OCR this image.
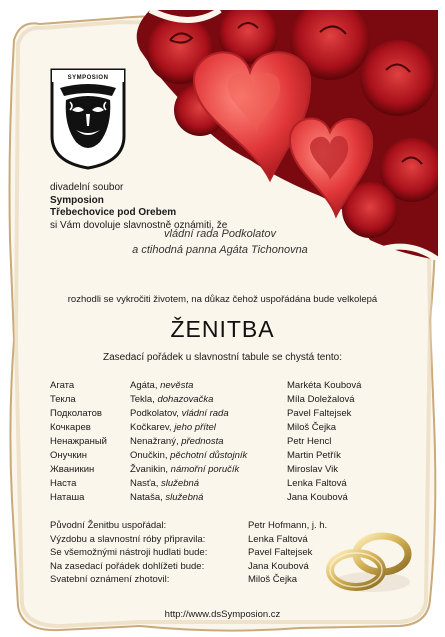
SYMPOSION
divadelní soubor
Symposion
Třebechovice pod Orebem
si Vám dovoluje slavnostně oznámiti, že
vládní rada Podkolatov
a ctihodná panna Agáta Tichonovna
rozhodli se vykročiti životem, na důkaz čehož uspořádána bude velkolepá
ŽENITBA
Zasedací pořádek u slavnostní tabule se chystá tento:
Агата	Agáta, nevěsta	Markéta Koubová
Текла	Tekla, dohazovačka	Míla Doležalová
Подколатов	Podkolatov, vládní rada	Pavel Faltejsek
Кочкарев	Kočkarev, jeho přítel	Miloš Čejka
Ненажраный Nenažraný, přednosta	Petr Hencl
Онучкин	Onučkin, pěchotní důstojník	Martin Petřík
Жваникин	Žvanikin, námořní poručík	Miroslav Vik
Наста	Nasťa, služebná	Lenka Faltová
Наташа	Nataša, služebná	Jana Koubová
Původní Ženitbu uspořádal:	Petr Hofmann, j. h.
Výzdobu a slavnostní róby připravila:	Lenka Faltová
Se všemožnými nástroji hudlati bude:	Pavel Faltejsek
Na zasedací pořádek dohlížeti bude:	Jana Koubová
Svatební oznámení zhotovil:	Miloš Čejka
http://www.dsSymposion.cz
